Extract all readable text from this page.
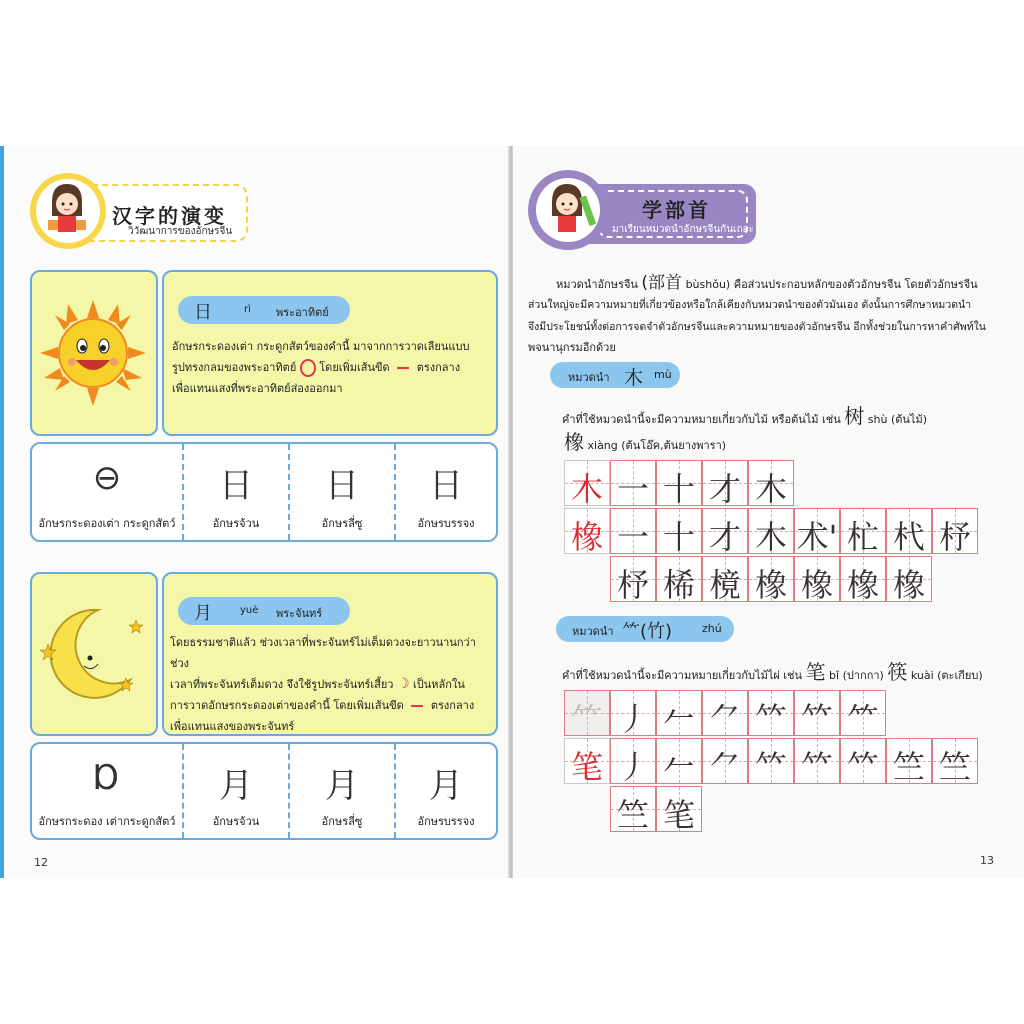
汉字的演变
วิวัฒนาการของอักษรจีน
日	rì พระอาทิตย์
อักษรกระดองเต่า กระดูกสัตว์ของคำนี้ มาจากการวาดเลียนแบบ
รูปทรงกลมของพระอาทิตย์ โดยเพิ่มเส้นขีด ตรงกลาง
เพื่อแทนแสงที่พระอาทิตย์ส่องออกมา
⊖
อักษรกระดองเต่า กระดูกสัตว์
日
อักษรจ้วน
日
อักษรลี่ซู
日
อักษรบรรจง
月	yuè พระจันทร์
โดยธรรมชาติแล้ว ช่วงเวลาที่พระจันทร์ไม่เต็มดวงจะยาวนานกว่าช่วง
เวลาที่พระจันทร์เต็มดวง จึงใช้รูปพระจันทร์เสี้ยว ☽ เป็นหลักใน
การวาดอักษรกระดองเต่าของคำนี้ โดยเพิ่มเส้นขีด ตรงกลาง
เพื่อแทนแสงของพระจันทร์
Ɒ
อักษรกระดอง เต่ากระดูกสัตว์
月
อักษรจ้วน
月
อักษรลี่ซู
月
อักษรบรรจง
12
学部首
มาเรียนหมวดนำอักษรจีนกันเถอะ
หมวดนำอักษรจีน (部首 bùshǒu) คือส่วนประกอบหลักของตัวอักษรจีน โดยตัวอักษรจีน
ส่วนใหญ่จะมีความหมายที่เกี่ยวข้องหรือใกล้เคียงกับหมวดนำของตัวมันเอง ดังนั้นการศึกษาหมวดนำ
จึงมีประโยชน์ทั้งต่อการจดจำตัวอักษรจีนและความหมายของตัวอักษรจีน อีกทั้งช่วยในการหาคำศัพท์ใน
พจนานุกรมอีกด้วย
หมวดนำ 木 mù
คำที่ใช้หมวดนำนี้จะมีความหมายเกี่ยวกับไม้ หรือต้นไม้ เช่น 树 shù (ต้นไม้)
橡 xiàng (ต้นโอ๊ค,ต้นยางพารา)
木 一 十 才 木
橡 一 十 才 木 术' 杧 杙 杼
杼 桸 樈 橡 橡 橡 橡
หมวดนำ ⺮(竹)	zhú
คำที่ใช้หมวดนำนี้จะมีความหมายเกี่ยวกับไม้ไผ่ เช่น 笔 bǐ (ปากกา) 筷 kuài (ตะเกียบ)
⺮ 丿 𠂉 ⺈ 𥫗 𥫗 ⺮
笔 丿 𠂉 ⺈ 𥫗 𥫗 𥫗 竺 竺
竺 笔
13
